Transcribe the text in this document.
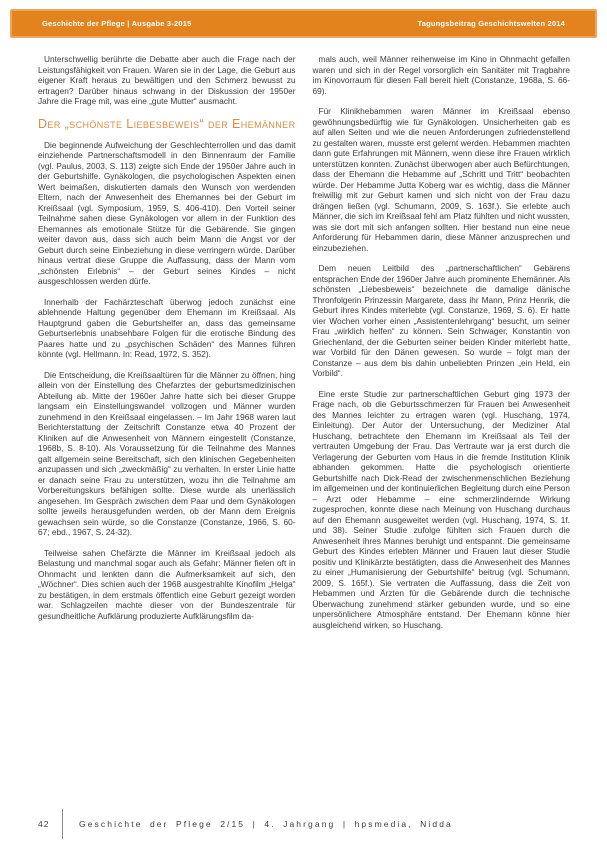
Geschichte der Pflege | Ausgabe 3-2015	Tagungsbeitrag Geschichtswelten 2014

Unterschwellig berührte die Debatte aber auch die Frage nach der Leistungsfähigkeit von Frauen. Waren sie in der Lage, die Geburt aus eigener Kraft heraus zu bewältigen und den Schmerz bewusst zu ertragen? Darüber hinaus schwang in der Diskussion der 1950er Jahre die Frage mit, was eine „gute Mutter“ ausmacht.

Der „schönste Liebesbeweis“ der Ehemänner

Die beginnende Aufweichung der Geschlechterrollen und das damit einziehende Partnerschaftsmodell in den Binnenraum der Familie (vgl. Paulus, 2003, S. 113) zeigte sich Ende der 1950er Jahre auch in der Geburtshilfe. Gynäkologen, die psychologischen Aspekten einen Wert beimaßen, diskutierten damals den Wunsch von werdenden Eltern, nach der Anwesenheit des Ehemannes bei der Geburt im Kreißsaal (vgl. Symposium, 1959, S. 406-410). Den Vorteil seiner Teilnahme sahen diese Gynäkologen vor allem in der Funktion des Ehemannes als emotionale Stütze für die Gebärende. Sie gingen weiter davon aus, dass sich auch beim Mann die Angst vor der Geburt durch seine Einbeziehung in diese verringern würde. Darüber hinaus vertrat diese Gruppe die Auffassung, dass der Mann vom „schönsten Erlebnis“ – der Geburt seines Kindes – nicht ausgeschlossen werden dürfe.

Innerhalb der Fachärzteschaft überwog jedoch zunächst eine ablehnende Haltung gegenüber dem Ehemann im Kreißsaal. Als Hauptgrund gaben die Geburtshelfer an, dass das gemeinsame Geburtserlebnis unabsehbare Folgen für die erotische Bindung des Paares hatte und zu „psychischen Schäden“ des Mannes führen könnte (vgl. Hellmann. In: Read, 1972, S. 352).

Die Entscheidung, die Kreißsaaltüren für die Männer zu öffnen, hing allein von der Einstellung des Chefarztes der geburtsmedizinischen Abteilung ab. Mitte der 1960er Jahre hatte sich bei dieser Gruppe langsam ein Einstellungswandel vollzogen und Männer wurden zunehmend in den Kreißsaal eingelassen. – Im Jahr 1968 waren laut Berichterstattung der Zeitschrift Constanze etwa 40 Prozent der Kliniken auf die Anwesenheit von Männern eingestellt (Constanze, 1968b, S. 8-10). Als Voraussetzung für die Teilnahme des Mannes galt allgemein seine Bereitschaft, sich den klinischen Gegebenheiten anzupassen und sich „zweckmäßig“ zu verhalten. In erster Linie hatte er danach seine Frau zu unterstützen, wozu ihn die Teilnahme am Vorbereitungskurs befähigen sollte. Diese wurde als unerlässlich angesehen. Im Gespräch zwischen dem Paar und dem Gynäkologen sollte jeweils herausgefunden werden, ob der Mann dem Ereignis gewachsen sein würde, so die Constanze (Constanze, 1966, S. 60-67; ebd., 1967, S. 24-32).

Teilweise sahen Chefärzte die Männer im Kreißsaal jedoch als Belastung und manchmal sogar auch als Gefahr: Männer fielen oft in Ohnmacht und lenkten dann die Aufmerksamkeit auf sich, den „Wöchner“. Dies schien auch der 1968 ausgestrahlte Kinofilm „Helga“ zu bestätigen, in dem erstmals öffentlich eine Geburt gezeigt worden war. Schlagzeilen machte dieser von der Bundeszentrale für gesundheitliche Aufklärung produzierte Aufklärungsfilm da-

mals auch, weil Männer reihenweise im Kino in Ohnmacht gefallen waren und sich in der Regel vorsorglich ein Sanitäter mit Tragbahre im Kinovorraum für diesen Fall bereit hielt (Constanze, 1968a, S. 66-69).

Für Klinikhebammen waren Männer im Kreißsaal ebenso gewöhnungsbedürftig wie für Gynäkologen. Unsicherheiten gab es auf allen Seiten und wie die neuen Anforderungen zufriedenstellend zu gestalten waren, musste erst gelernt werden. Hebammen machten dann gute Erfahrungen mit Männern, wenn diese ihre Frauen wirklich unterstützen konnten. Zunächst überwogen aber auch Befürchtungen, dass der Ehemann die Hebamme auf „Schritt und Tritt“ beobachten würde. Der Hebamme Jutta Koberg war es wichtig, dass die Männer freiwillig mit zur Geburt kamen und sich nicht von der Frau dazu drängen ließen (vgl. Schumann, 2009, S. 163f.). Sie erlebte auch Männer, die sich im Kreißsaal fehl am Platz fühlten und nicht wussten, was sie dort mit sich anfangen sollten. Hier bestand nun eine neue Anforderung für Hebammen darin, diese Männer anzusprechen und einzubeziehen.

Dem neuen Leitbild des „partnerschaftlichen“ Gebärens entsprachen Ende der 1960er Jahre auch prominente Ehemänner. Als schönsten „Liebesbeweis“ bezeichnete die damalige dänische Thronfolgerin Prinzessin Margarete, dass ihr Mann, Prinz Henrik, die Geburt ihres Kindes miterlebte (vgl. Constanze, 1969, S. 6). Er hatte vier Wochen vorher einen „Assistentenlehrgang“ besucht, um seiner Frau „wirklich helfen“ zu können. Sein Schwager, Konstantin von Griechenland, der die Geburten seiner beiden Kinder miterlebt hatte, war Vorbild für den Dänen gewesen. So wurde – folgt man der Constanze – aus dem bis dahin unbeliebten Prinzen „ein Held, ein Vorbild“.

Eine erste Studie zur partnerschaftlichen Geburt ging 1973 der Frage nach, ob die Geburtsschmerzen für Frauen bei Anwesenheit des Mannes leichter zu ertragen waren (vgl. Huschang, 1974, Einleitung). Der Autor der Untersuchung, der Mediziner Atal Huschang, betrachtete den Ehemann im Kreißsaal als Teil der vertrauten Umgebung der Frau. Das Vertraute war ja erst durch die Verlagerung der Geburten vom Haus in die fremde Institution Klinik abhanden gekommen. Hatte die psychologisch orientierte Geburtshilfe nach Dick-Read der zwischenmenschlichen Beziehung im allgemeinen und der kontinuierlichen Begleitung durch eine Person – Arzt oder Hebamme – eine schmerzlindernde Wirkung zugesprochen, konnte diese nach Meinung von Huschang durchaus auf den Ehemann ausgeweitet werden (vgl. Huschang, 1974, S. 1f. und 38). Seiner Studie zufolge fühlten sich Frauen durch die Anwesenheit ihres Mannes beruhigt und entspannt. Die gemeinsame Geburt des Kindes erlebten Männer und Frauen laut dieser Studie positiv und Klinikärzte bestätigten, dass die Anwesenheit des Mannes zu einer „Humanisierung der Geburtshilfe“ beitrug (vgl. Schumann, 2009, S. 165f.). Sie vertraten die Auffassung, dass die Zeit von Hebammen und Ärzten für die Gebärende durch die technische Überwachung zunehmend stärker gebunden wurde, und so eine unpersönlichere Atmosphäre entstand. Der Ehemann könne hier ausgleichend wirken, so Huschang.

42	Geschichte der Pflege 2/15 | 4. Jahrgang | hpsmedia, Nidda
